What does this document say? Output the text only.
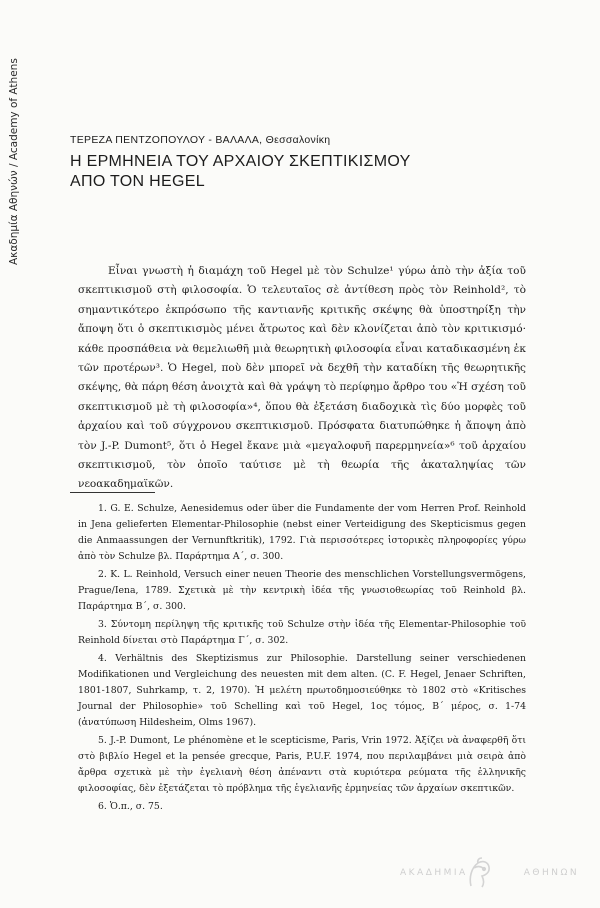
Ακαδημία Αθηνών / Academy of Athens	ΤΕΡΕΖΑ ΠΕΝΤΖΟΠΟΥΛΟΥ - ΒΑΛΑΛΑ, Θεσσαλονίκη
Η ΕΡΜΗΝΕΙΑ ΤΟΥ ΑΡΧΑΙΟΥ ΣΚΕΠΤΙΚΙΣΜΟΥ
ΑΠΟ ΤΟΝ HEGEL
Εἶναι γνωστὴ ἡ διαμάχη τοῦ Hegel μὲ τὸν Schulze¹ γύρω ἀπὸ τὴν ἀξία τοῦ σκεπτικισμοῦ στὴ φιλοσοφία. Ὁ τελευταῖος σὲ ἀντίθεση πρὸς τὸν Reinhold², τὸ σημαντικότερο ἐκπρόσωπο τῆς καντιανῆς κριτικῆς σκέψης θὰ ὑποστηρίξη τὴν ἄποψη ὅτι ὁ σκεπτικισμὸς μένει ἄτρωτος καὶ δὲν κλονίζεται ἀπὸ τὸν κριτικισμό· κάθε προσπάθεια νὰ θεμελιωθῆ μιὰ θεωρητικὴ φιλοσοφία εἶναι καταδικασμένη ἐκ τῶν προτέρων³. Ὁ Hegel, ποὺ δὲν μπορεῖ νὰ δεχθῆ τὴν καταδίκη τῆς θεωρητικῆς σκέψης, θὰ πάρη θέση ἀνοιχτὰ καὶ θὰ γράψη τὸ περίφημο ἄρθρο του «Ἡ σχέση τοῦ σκεπτικισμοῦ μὲ τὴ φιλοσοφία»⁴, ὅπου θὰ ἐξετάση διαδοχικὰ τὶς δύο μορφὲς τοῦ ἀρχαίου καὶ τοῦ σύγχρονου σκεπτικισμοῦ. Πρόσφατα διατυπώθηκε ἡ ἄποψη ἀπὸ τὸν J.-P. Dumont⁵, ὅτι ὁ Hegel ἔκανε μιὰ «μεγαλοφυῆ παρερμηνεία»⁶ τοῦ ἀρχαίου σκεπτικισμοῦ, τὸν ὁποῖο ταύτισε μὲ τὴ θεωρία τῆς ἀκαταληψίας τῶν νεοακαδημαϊκῶν.
1. G. E. Schulze, Aenesidemus oder über die Fundamente der vom Herren Prof. Reinhold in Jena gelieferten Elementar-Philosophie (nebst einer Verteidigung des Skepticismus gegen die Anmaassungen der Vernunftkritik), 1792. Γιὰ περισσότερες ἱστορικὲς πληροφορίες γύρω ἀπὸ τὸν Schulze βλ. Παράρτημα Α΄, σ. 300.
2. K. L. Reinhold, Versuch einer neuen Theorie des menschlichen Vorstellungsvermögens, Prague/Iena, 1789. Σχετικὰ μὲ τὴν κεντρικὴ ἰδέα τῆς γνωσιοθεωρίας τοῦ Reinhold βλ. Παράρτημα Β΄, σ. 300.
3. Σύντομη περίληψη τῆς κριτικῆς τοῦ Schulze στὴν ἰδέα τῆς Elementar-Philosophie τοῦ Reinhold δίνεται στὸ Παράρτημα Γ΄, σ. 302.
4. Verhältnis des Skeptizismus zur Philosophie. Darstellung seiner verschiedenen Modifikationen und Vergleichung des neuesten mit dem alten. (C. F. Hegel, Jenaer Schriften, 1801-1807, Suhrkamp, τ. 2, 1970). Ἡ μελέτη πρωτοδημοσιεύθηκε τὸ 1802 στὸ «Kritisches Journal der Philosophie» τοῦ Schelling καὶ τοῦ Hegel, 1ος τόμος, Β΄ μέρος, σ. 1-74 (ἀνατύπωση Hildesheim, Olms 1967).
5. J.-P. Dumont, Le phénomène et le scepticisme, Paris, Vrin 1972. Ἀξίζει νὰ ἀναφερθῆ ὅτι στὸ βιβλίο Hegel et la pensée grecque, Paris, P.U.F. 1974, που περιλαμβάνει μιὰ σειρὰ ἀπὸ ἄρθρα σχετικὰ μὲ τὴν ἑγελιανὴ θέση ἀπέναντι στὰ κυριότερα ρεύματα τῆς ἑλληνικῆς φιλοσοφίας, δὲν ἐξετάζεται τὸ πρόβλημα τῆς ἑγελιανῆς ἑρμηνείας τῶν ἀρχαίων σκεπτικῶν.
6. Ὁ.π., σ. 75.
ΑΚΑΔΗΜΙΑ	ΑΘΗΝΩΝ
